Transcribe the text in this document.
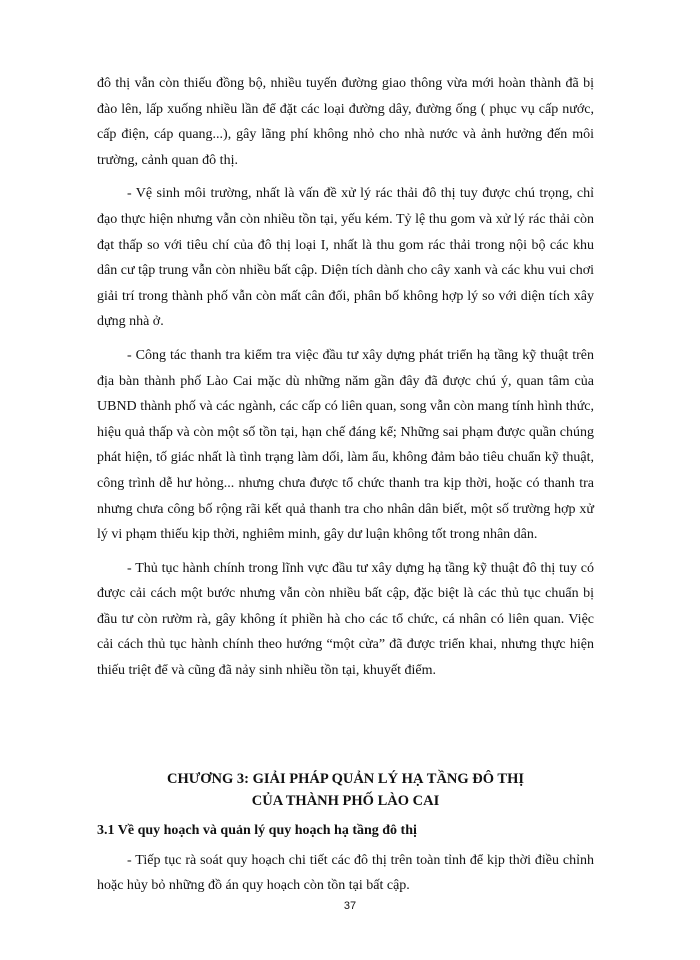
đô thị vẫn còn thiếu đồng bộ, nhiều tuyến đường giao thông vừa mới hoàn thành đã bị đào lên, lấp xuống nhiều lần để đặt các loại đường dây, đường ống ( phục vụ cấp nước, cấp điện, cáp quang...), gây lãng phí không nhỏ cho nhà nước và ảnh hưởng đến môi trường, cảnh quan đô thị.

- Vệ sinh môi trường, nhất là vấn đề xử lý rác thải đô thị tuy được chú trọng, chỉ đạo thực hiện nhưng vẫn còn nhiều tồn tại, yếu kém. Tỷ lệ thu gom và xử lý rác thải còn đạt thấp so với tiêu chí của đô thị loại I, nhất là thu gom rác thải trong nội bộ các khu dân cư tập trung vẫn còn nhiều bất cập. Diện tích dành cho cây xanh và các khu vui chơi giải trí trong thành phố vẫn còn mất cân đối, phân bố không hợp lý so với diện tích xây dựng nhà ở.

- Công tác thanh tra kiểm tra việc đầu tư xây dựng phát triển hạ tầng kỹ thuật trên địa bàn thành phố Lào Cai mặc dù những năm gần đây đã được chú ý, quan tâm của UBND thành phố và các ngành, các cấp có liên quan, song vẫn còn mang tính hình thức, hiệu quả thấp và còn một số tồn tại, hạn chế đáng kể; Những sai phạm được quần chúng phát hiện, tố giác nhất là tình trạng làm dối, làm ẩu, không đảm bảo tiêu chuẩn kỹ thuật, công trình dễ hư hỏng... nhưng chưa được tổ chức thanh tra kịp thời, hoặc có thanh tra nhưng chưa công bố rộng rãi kết quả thanh tra cho nhân dân biết, một số trường hợp xử lý vi phạm thiếu kịp thời, nghiêm minh, gây dư luận không tốt trong nhân dân.

- Thủ tục hành chính trong lĩnh vực đầu tư xây dựng hạ tầng kỹ thuật đô thị tuy có được cải cách một bước nhưng vẫn còn nhiều bất cập, đặc biệt là các thủ tục chuẩn bị đầu tư còn rườm rà, gây không ít phiền hà cho các tổ chức, cá nhân có liên quan. Việc cải cách thủ tục hành chính theo hướng “một cửa” đã được triển khai, nhưng thực hiện thiếu triệt để và cũng đã nảy sinh nhiều tồn tại, khuyết điểm.

CHƯƠNG 3: GIẢI PHÁP QUẢN LÝ HẠ TẦNG ĐÔ THỊ
CỦA THÀNH PHỐ LÀO CAI
3.1 Về quy hoạch và quản lý quy hoạch hạ tầng đô thị

- Tiếp tục rà soát quy hoạch chi tiết các đô thị trên toàn tỉnh để kịp thời điều chỉnh hoặc hủy bỏ những đồ án quy hoạch còn tồn tại bất cập.

37
